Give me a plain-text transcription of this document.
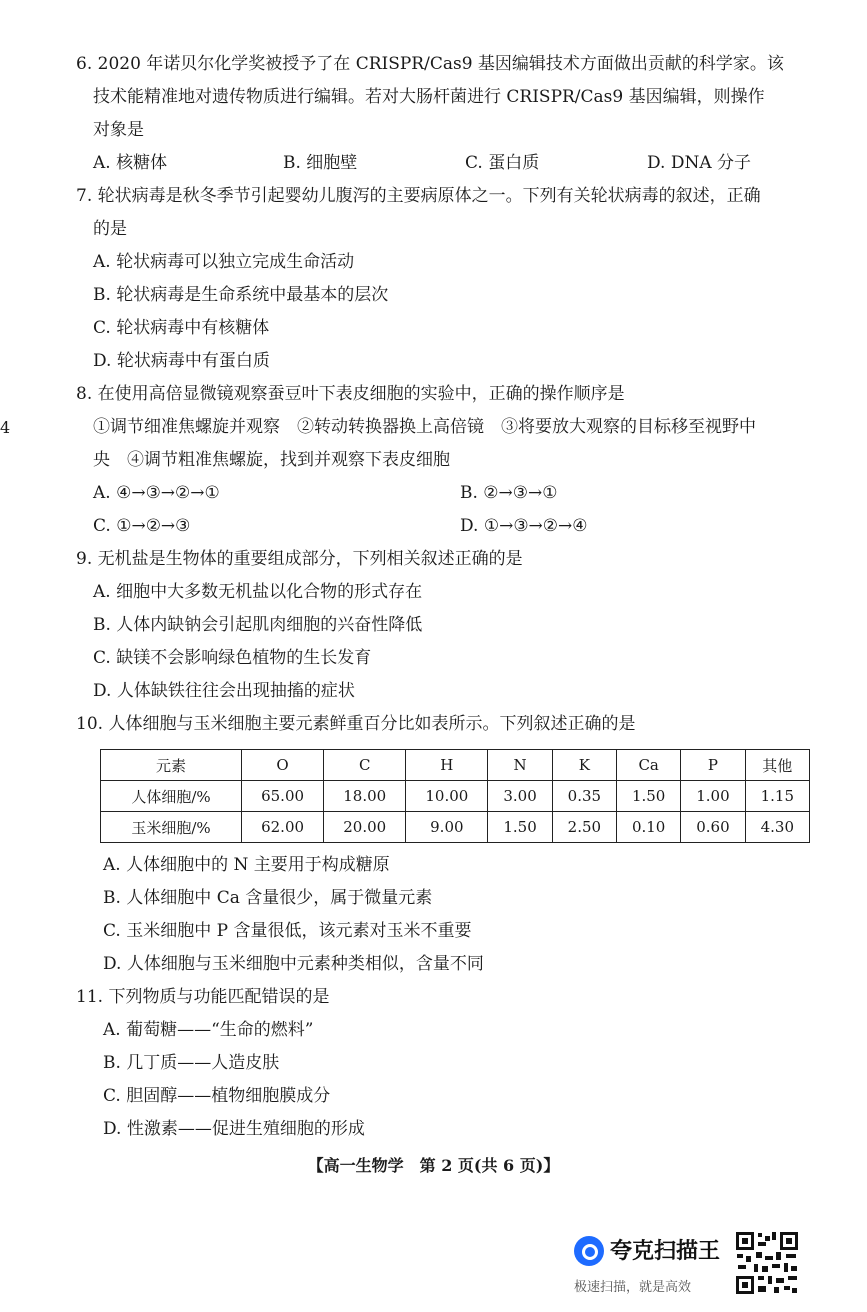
4
6. 2020 年诺贝尔化学奖被授予了在 CRISPR/Cas9 基因编辑技术方面做出贡献的科学家。该
技术能精准地对遗传物质进行编辑。若对大肠杆菌进行 CRISPR/Cas9 基因编辑，则操作
对象是
A. 核糖体	B. 细胞壁	C. 蛋白质	D. DNA 分子
7. 轮状病毒是秋冬季节引起婴幼儿腹泻的主要病原体之一。下列有关轮状病毒的叙述，正确
的是
A. 轮状病毒可以独立完成生命活动
B. 轮状病毒是生命系统中最基本的层次
C. 轮状病毒中有核糖体
D. 轮状病毒中有蛋白质
8. 在使用高倍显微镜观察蚕豆叶下表皮细胞的实验中，正确的操作顺序是
①调节细准焦螺旋并观察　②转动转换器换上高倍镜　③将要放大观察的目标移至视野中
央　④调节粗准焦螺旋，找到并观察下表皮细胞
A. ④→③→②→①	B. ②→③→①
C. ①→②→③	D. ①→③→②→④
9. 无机盐是生物体的重要组成部分，下列相关叙述正确的是
A. 细胞中大多数无机盐以化合物的形式存在
B. 人体内缺钠会引起肌肉细胞的兴奋性降低
C. 缺镁不会影响绿色植物的生长发育
D. 人体缺铁往往会出现抽搐的症状
10. 人体细胞与玉米细胞主要元素鲜重百分比如表所示。下列叙述正确的是
元素	O	C	H	N	K	Ca	P	其他
人体细胞/%	65.00	18.00	10.00	3.00	0.35	1.50	1.00	1.15
玉米细胞/%	62.00	20.00	9.00	1.50	2.50	0.10	0.60	4.30
A. 人体细胞中的 N 主要用于构成糖原
B. 人体细胞中 Ca 含量很少，属于微量元素
C. 玉米细胞中 P 含量很低，该元素对玉米不重要
D. 人体细胞与玉米细胞中元素种类相似，含量不同
11. 下列物质与功能匹配错误的是
A. 葡萄糖——“生命的燃料”
B. 几丁质——人造皮肤
C. 胆固醇——植物细胞膜成分
D. 性激素——促进生殖细胞的形成
【高一生物学　第 2 页(共 6 页)】
夸克扫描王
极速扫描，就是高效
